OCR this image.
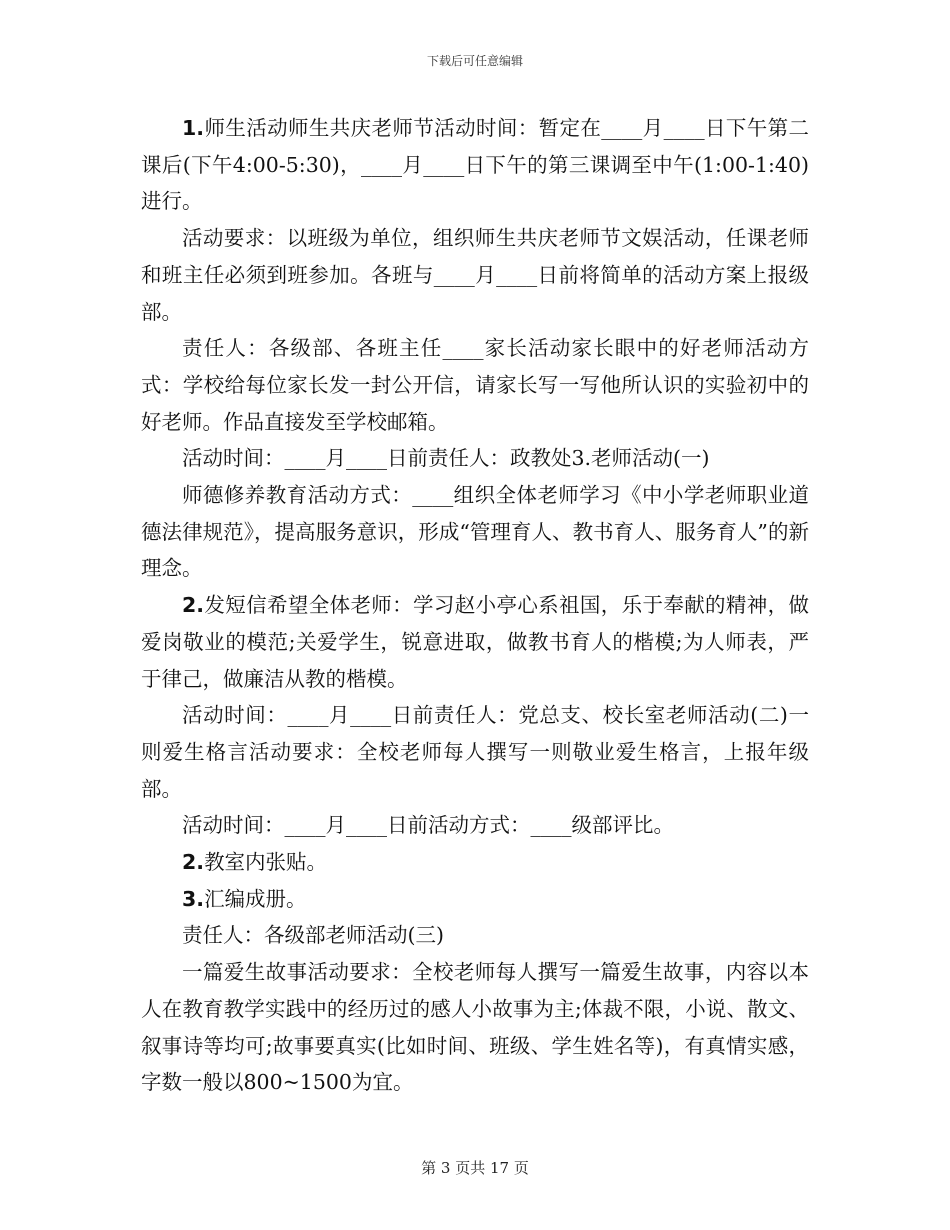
下载后可任意编辑

1.师生活动师生共庆老师节活动时间：暂定在____月____日下午第二课后(下午4:00-5:30)，____月____日下午的第三课调至中午(1:00-1:40)进行。

活动要求：以班级为单位，组织师生共庆老师节文娱活动，任课老师和班主任必须到班参加。各班与____月____日前将简单的活动方案上报级部。

责任人：各级部、各班主任____家长活动家长眼中的好老师活动方式：学校给每位家长发一封公开信，请家长写一写他所认识的实验初中的好老师。作品直接发至学校邮箱。

活动时间：____月____日前责任人：政教处3.老师活动(一)

师德修养教育活动方式：____组织全体老师学习《中小学老师职业道德法律规范》，提高服务意识，形成“管理育人、教书育人、服务育人”的新理念。

2.发短信希望全体老师：学习赵小亭心系祖国，乐于奉献的精神，做爱岗敬业的模范;关爱学生，锐意进取，做教书育人的楷模;为人师表，严于律己，做廉洁从教的楷模。

活动时间：____月____日前责任人：党总支、校长室老师活动(二)一则爱生格言活动要求：全校老师每人撰写一则敬业爱生格言，上报年级部。

活动时间：____月____日前活动方式：____级部评比。

2.教室内张贴。

3.汇编成册。

责任人：各级部老师活动(三)

一篇爱生故事活动要求：全校老师每人撰写一篇爱生故事，内容以本人在教育教学实践中的经历过的感人小故事为主;体裁不限，小说、散文、叙事诗等均可;故事要真实(比如时间、班级、学生姓名等)，有真情实感，字数一般以800~1500为宜。

第 3 页共 17 页
